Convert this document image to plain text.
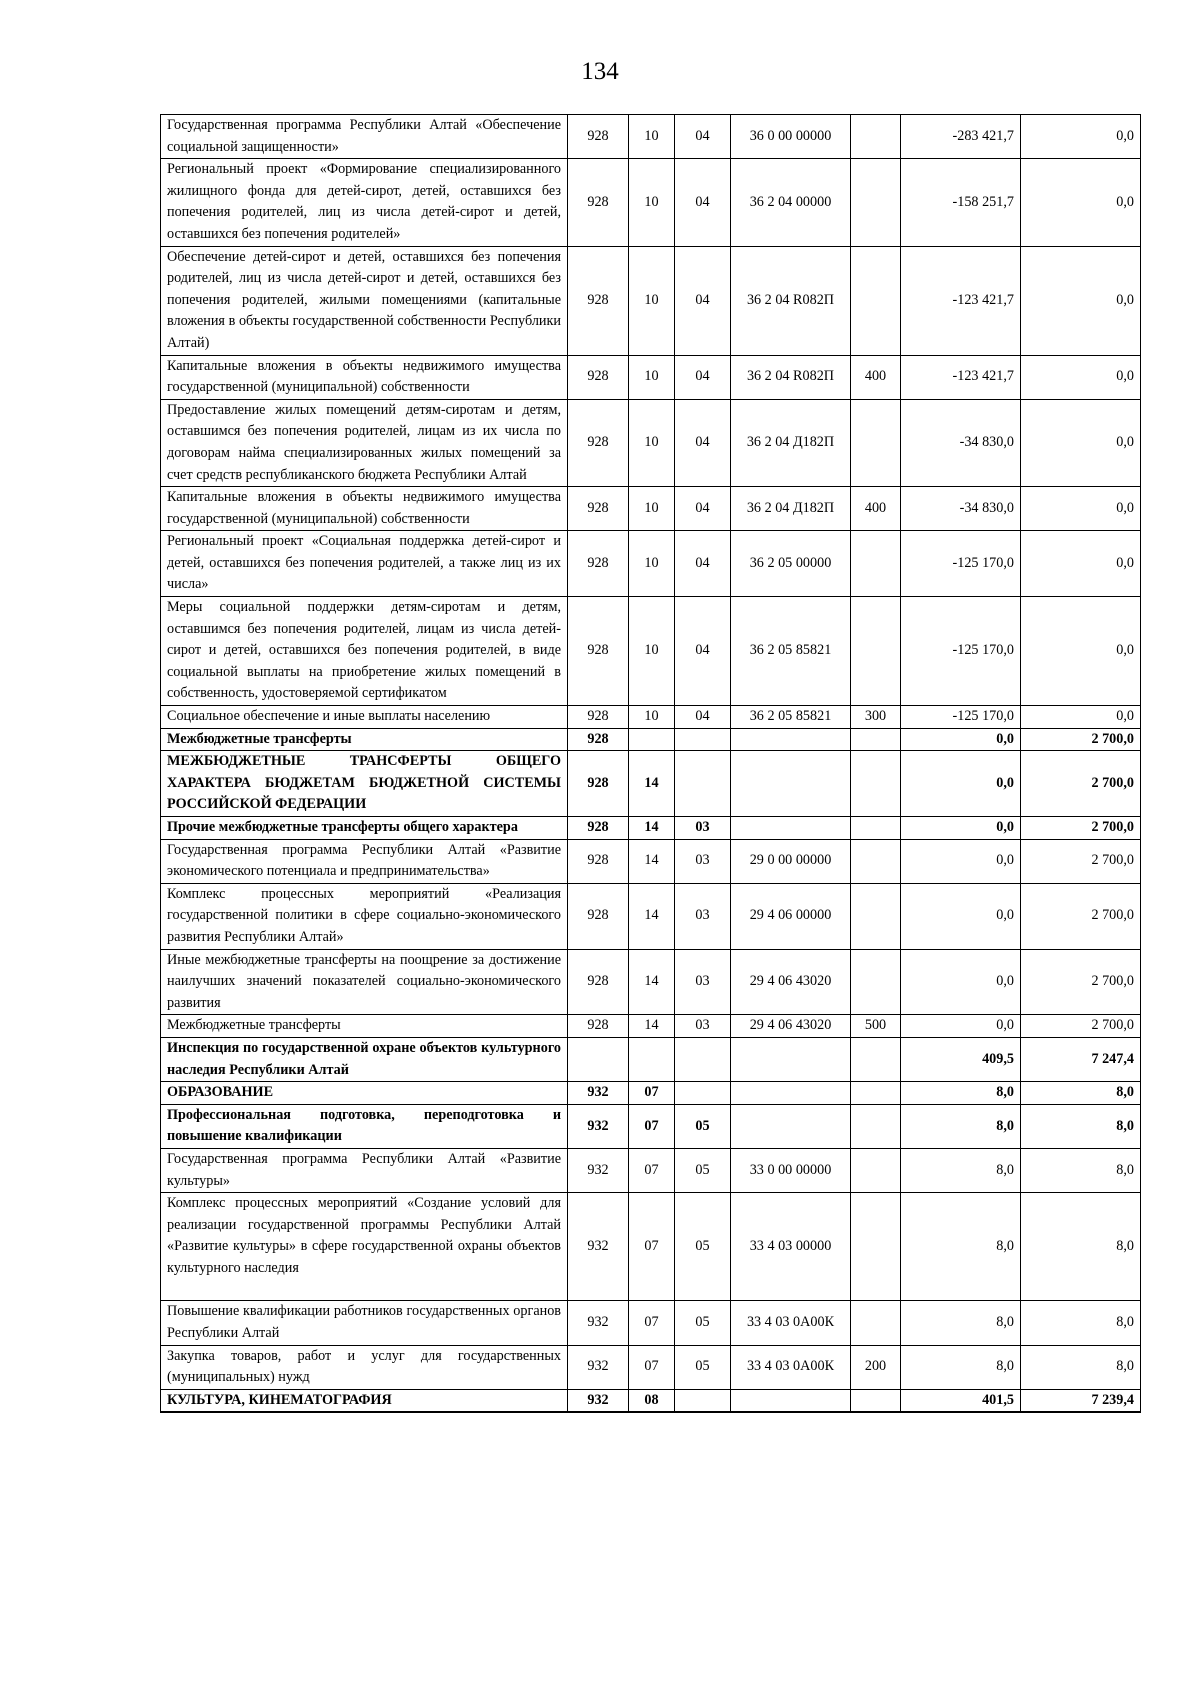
134
Государственная программа Республики Алтай «Обеспечение социальной защищенности»	928	10	04	36 0 00 00000		-283 421,7	0,0
Региональный проект «Формирование специализированного жилищного фонда для детей-сирот, детей, оставшихся без попечения родителей, лиц из числа детей-сирот и детей, оставшихся без попечения родителей»	928	10	04	36 2 04 00000		-158 251,7	0,0
Обеспечение детей-сирот и детей, оставшихся без попечения родителей, лиц из числа детей-сирот и детей, оставшихся без попечения родителей, жилыми помещениями (капитальные вложения в объекты государственной собственности Республики Алтай)	928	10	04	36 2 04 R082П		-123 421,7	0,0
Капитальные вложения в объекты недвижимого имущества государственной (муниципальной) собственности	928	10	04	36 2 04 R082П	400	-123 421,7	0,0
Предоставление жилых помещений детям-сиротам и детям, оставшимся без попечения родителей, лицам из их числа по договорам найма специализированных жилых помещений за счет средств республиканского бюджета Республики Алтай	928	10	04	36 2 04 Д182П		-34 830,0	0,0
Капитальные вложения в объекты недвижимого имущества государственной (муниципальной) собственности	928	10	04	36 2 04 Д182П	400	-34 830,0	0,0
Региональный проект «Социальная поддержка детей-сирот и детей, оставшихся без попечения родителей, а также лиц из их числа»	928	10	04	36 2 05 00000		-125 170,0	0,0
Меры социальной поддержки детям-сиротам и детям, оставшимся без попечения родителей, лицам из числа детей-сирот и детей, оставшихся без попечения родителей, в виде социальной выплаты на приобретение жилых помещений в собственность, удостоверяемой сертификатом	928	10	04	36 2 05 85821		-125 170,0	0,0
Социальное обеспечение и иные выплаты населению	928	10	04	36 2 05 85821	300	-125 170,0	0,0
Межбюджетные трансферты	928					0,0	2 700,0
МЕЖБЮДЖЕТНЫЕ ТРАНСФЕРТЫ ОБЩЕГО ХАРАКТЕРА БЮДЖЕТАМ БЮДЖЕТНОЙ СИСТЕМЫ РОССИЙСКОЙ ФЕДЕРАЦИИ	928	14				0,0	2 700,0
Прочие межбюджетные трансферты общего характера	928	14	03			0,0	2 700,0
Государственная программа Республики Алтай «Развитие экономического потенциала и предпринимательства»	928	14	03	29 0 00 00000		0,0	2 700,0
Комплекс процессных мероприятий «Реализация государственной политики в сфере социально-экономического развития Республики Алтай»	928	14	03	29 4 06 00000		0,0	2 700,0
Иные межбюджетные трансферты на поощрение за достижение наилучших значений показателей социально-экономического развития	928	14	03	29 4 06 43020		0,0	2 700,0
Межбюджетные трансферты	928	14	03	29 4 06 43020	500	0,0	2 700,0
Инспекция по государственной охране объектов культурного наследия Республики Алтай						409,5	7 247,4
ОБРАЗОВАНИЕ	932	07				8,0	8,0
Профессиональная подготовка, переподготовка и повышение квалификации	932	07	05			8,0	8,0
Государственная программа Республики Алтай «Развитие культуры»	932	07	05	33 0 00 00000		8,0	8,0
Комплекс процессных мероприятий «Создание условий для реализации государственной программы Республики Алтай «Развитие культуры» в сфере государственной охраны объектов культурного наследия	932	07	05	33 4 03 00000		8,0	8,0
Повышение квалификации работников государственных органов Республики Алтай	932	07	05	33 4 03 0А00К		8,0	8,0
Закупка товаров, работ и услуг для государственных (муниципальных) нужд	932	07	05	33 4 03 0А00К	200	8,0	8,0
КУЛЬТУРА, КИНЕМАТОГРАФИЯ	932	08				401,5	7 239,4
